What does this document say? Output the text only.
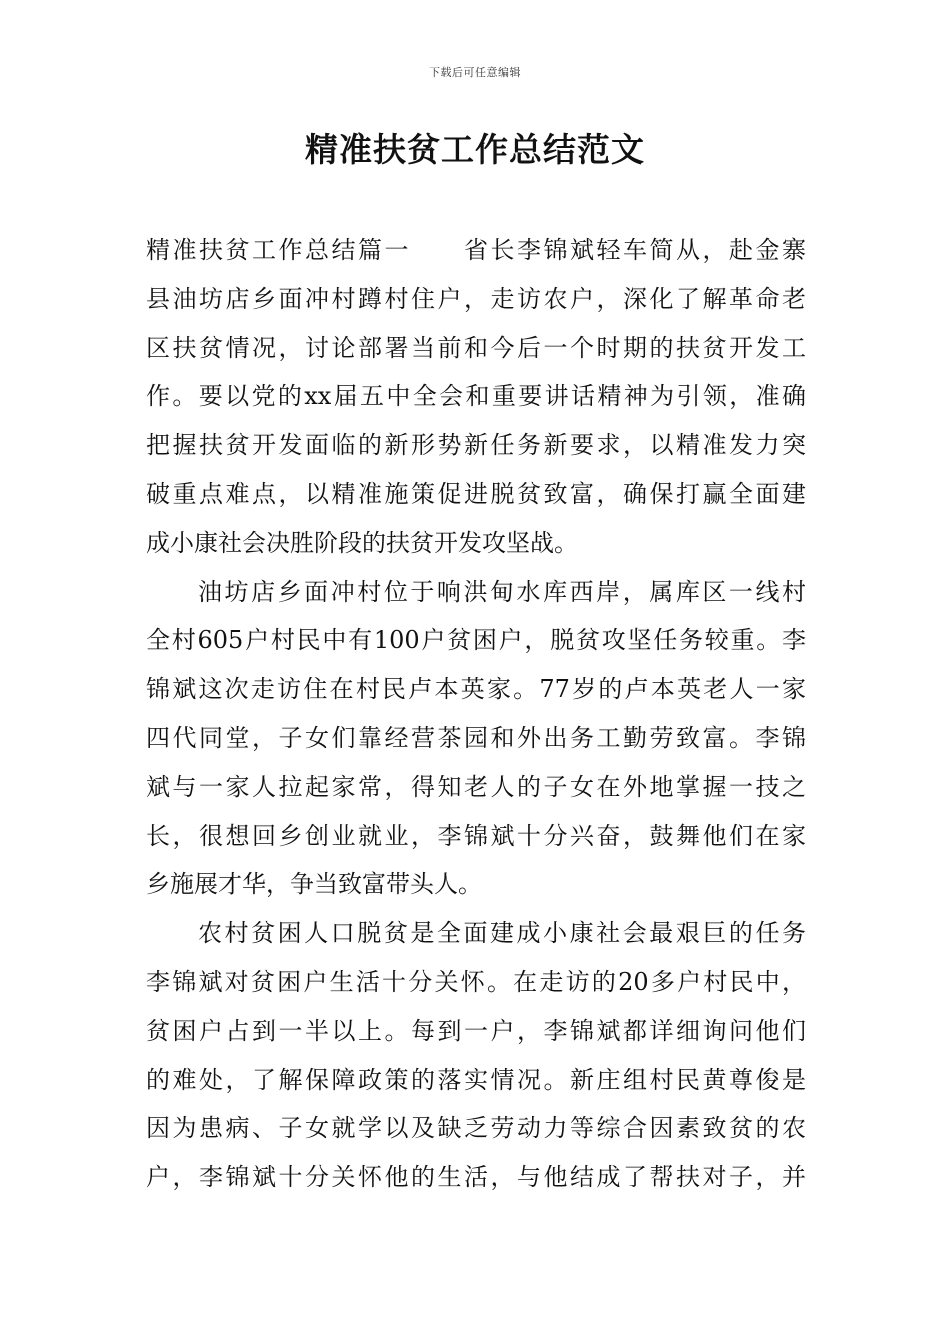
下载后可任意编辑
精准扶贫工作总结范文
精准扶贫工作总结篇一　　省长李锦斌轻车简从，赴金寨
县油坊店乡面冲村蹲村住户，走访农户，深化了解革命老
区扶贫情况，讨论部署当前和今后一个时期的扶贫开发工
作。要以党的xx届五中全会和重要讲话精神为引领，准确
把握扶贫开发面临的新形势新任务新要求，以精准发力突
破重点难点，以精准施策促进脱贫致富，确保打赢全面建
成小康社会决胜阶段的扶贫开发攻坚战。
油坊店乡面冲村位于响洪甸水库西岸，属库区一线村
全村605户村民中有100户贫困户，脱贫攻坚任务较重。李
锦斌这次走访住在村民卢本英家。77岁的卢本英老人一家
四代同堂，子女们靠经营茶园和外出务工勤劳致富。李锦
斌与一家人拉起家常，得知老人的子女在外地掌握一技之
长，很想回乡创业就业，李锦斌十分兴奋，鼓舞他们在家
乡施展才华，争当致富带头人。
农村贫困人口脱贫是全面建成小康社会最艰巨的任务
李锦斌对贫困户生活十分关怀。在走访的20多户村民中，
贫困户占到一半以上。每到一户，李锦斌都详细询问他们
的难处，了解保障政策的落实情况。新庄组村民黄尊俊是
因为患病、子女就学以及缺乏劳动力等综合因素致贫的农
户，李锦斌十分关怀他的生活，与他结成了帮扶对子，并
